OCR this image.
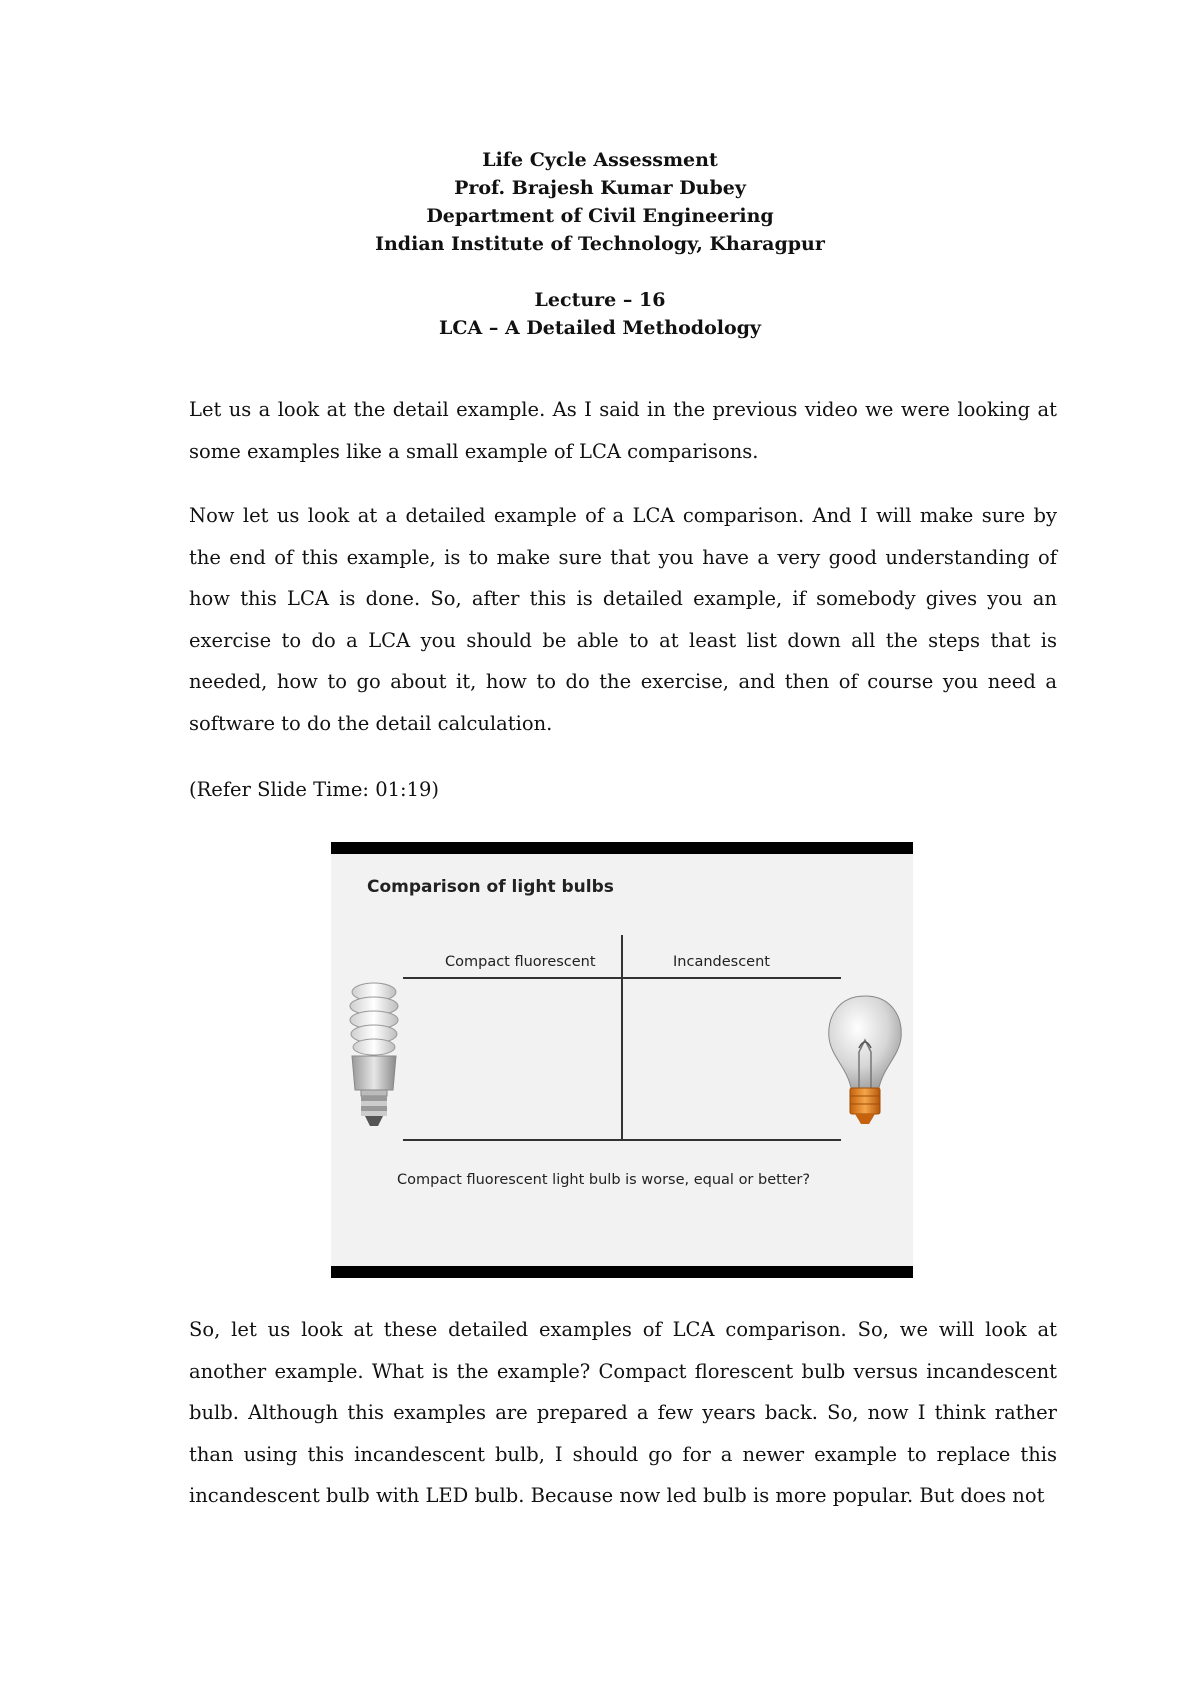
Life Cycle Assessment
Prof. Brajesh Kumar Dubey
Department of Civil Engineering
Indian Institute of Technology, Kharagpur
Lecture – 16
LCA – A Detailed Methodology

Let us a look at the detail example. As I said in the previous video we were looking at some examples like a small example of LCA comparisons.

Now let us look at a detailed example of a LCA comparison. And I will make sure by the end of this example, is to make sure that you have a very good understanding of how this LCA is done. So, after this is detailed example, if somebody gives you an exercise to do a LCA you should be able to at least list down all the steps that is needed, how to go about it, how to do the exercise, and then of course you need a software to do the detail calculation.

(Refer Slide Time: 01:19)

Comparison of light bulbs
Compact fluorescent	Incandescent
Compact fluorescent light bulb is worse, equal or better?

So, let us look at these detailed examples of LCA comparison. So, we will look at another example. What is the example? Compact florescent bulb versus incandescent bulb. Although this examples are prepared a few years back. So, now I think rather than using this incandescent bulb, I should go for a newer example to replace this incandescent bulb with LED bulb. Because now led bulb is more popular. But does not
